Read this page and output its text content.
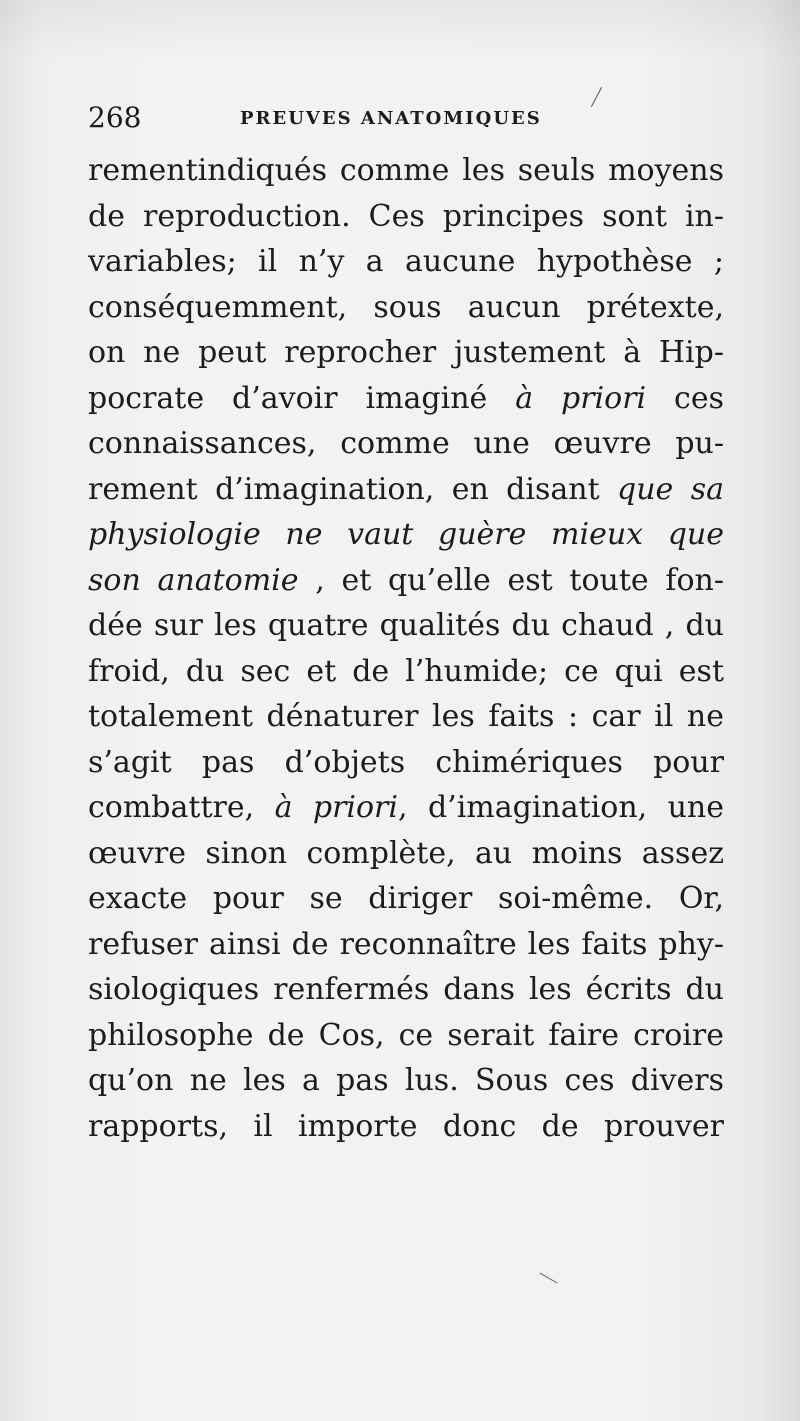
268	PREUVES ANATOMIQUES
rementindiqués comme les seuls moyens
de reproduction. Ces principes sont in-
variables; il n’y a aucune hypothèse ;
conséquemment, sous aucun prétexte,
on ne peut reprocher justement à Hip-
pocrate d’avoir imaginé à priori ces
connaissances, comme une œuvre pu-
rement d’imagination, en disant que sa
physiologie ne vaut guère mieux que
son anatomie , et qu’elle est toute fon-
dée sur les quatre qualités du chaud , du
froid, du sec et de l’humide; ce qui est
totalement dénaturer les faits : car il ne
s’agit pas d’objets chimériques pour
combattre, à priori, d’imagination, une
œuvre sinon complète, au moins assez
exacte pour se diriger soi-même. Or,
refuser ainsi de reconnaître les faits phy-
siologiques renfermés dans les écrits du
philosophe de Cos, ce serait faire croire
qu’on ne les a pas lus. Sous ces divers
rapports, il importe donc de prouver
